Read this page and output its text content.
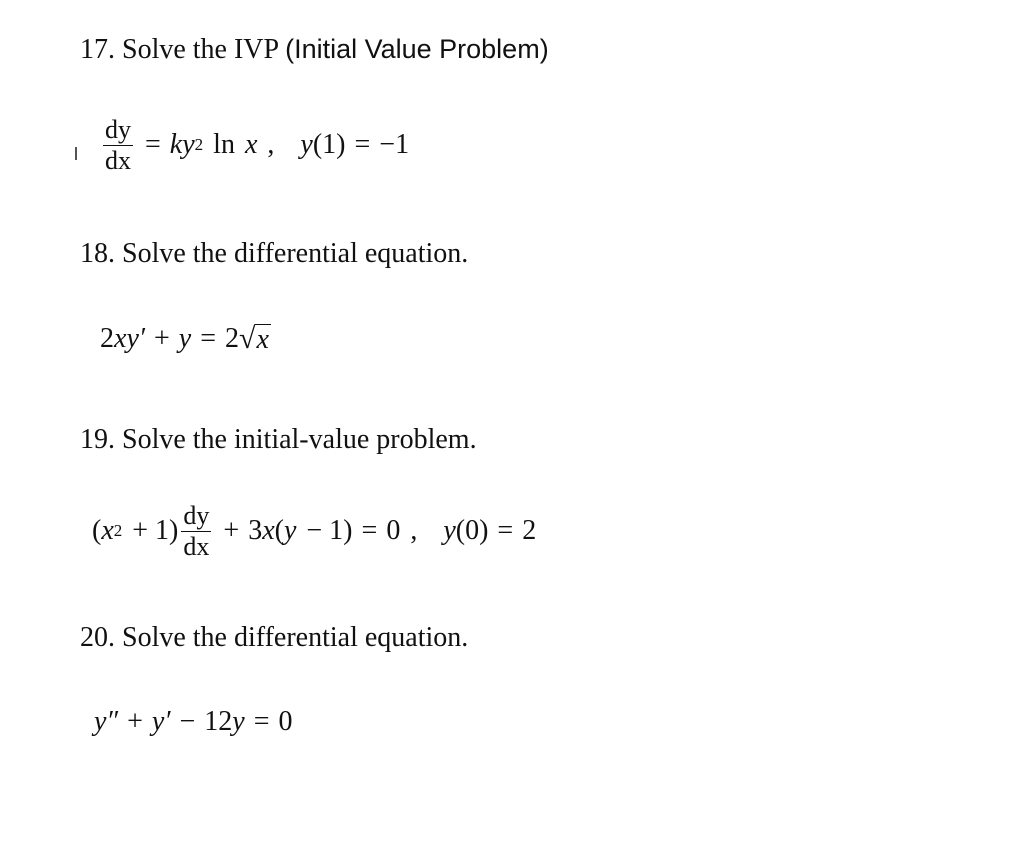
17. Solve the IVP (Initial Value Problem)
$\frac{dy}{dx} = k$ y 2 ln x , y (1) = −1
18. Solve the differential equation.
2 x y′ + y = 2 √ x
19. Solve the initial-value problem.
( x $2 + 1) \frac{dy}{dx} + 3$ x ( y − 1) = 0 , y (0) = 2
20. Solve the differential equation.
y″ + y′ − 12 y = 0
